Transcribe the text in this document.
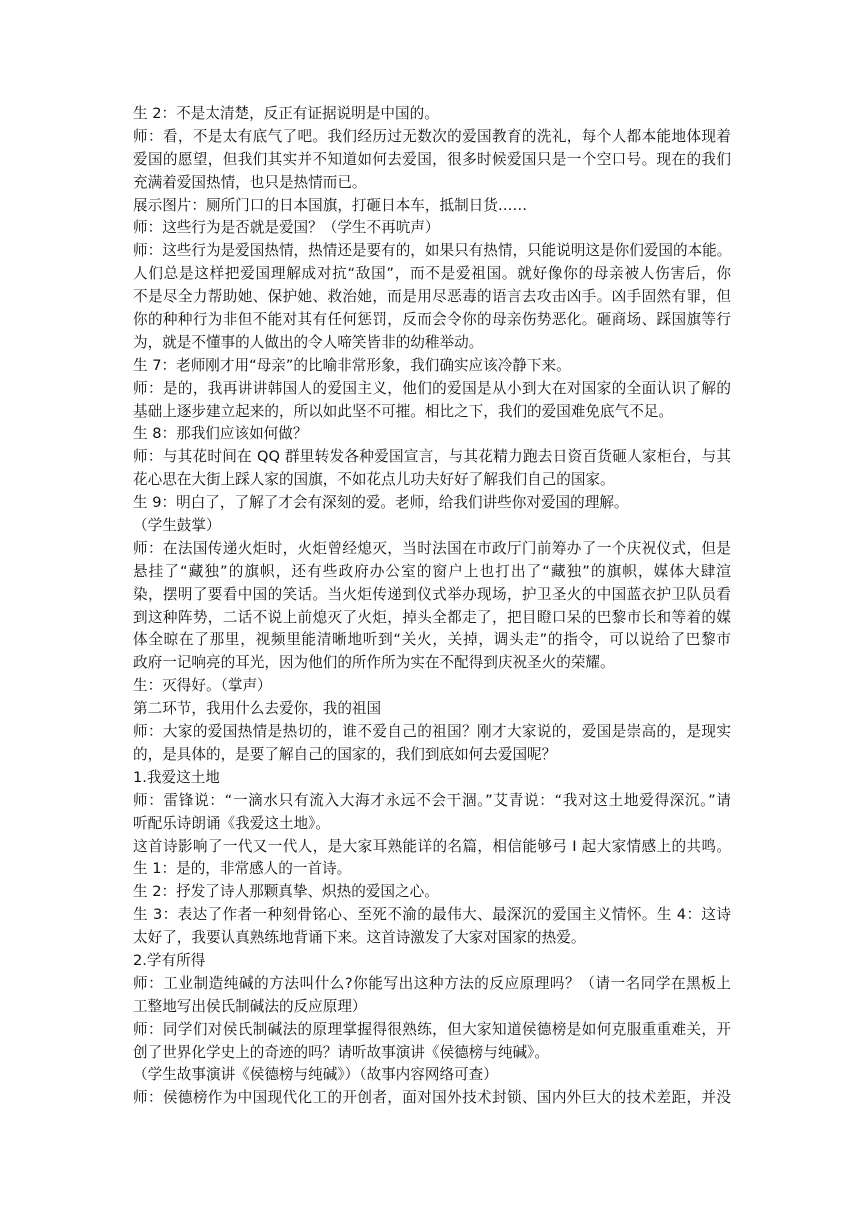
生 2：不是太清楚，反正有证据说明是中国的。
师：看，不是太有底气了吧。我们经历过无数次的爱国教育的洗礼，每个人都本能地体现着
爱国的愿望，但我们其实并不知道如何去爱国，很多时候爱国只是一个空口号。现在的我们
充满着爱国热情，也只是热情而已。
展示图片：厕所门口的日本国旗，打砸日本车，抵制日货……
师：这些行为是否就是爱国？（学生不再吭声）
师：这些行为是爱国热情，热情还是要有的，如果只有热情，只能说明这是你们爱国的本能。
人们总是这样把爱国理解成对抗“敌国”，而不是爱祖国。就好像你的母亲被人伤害后，你
不是尽全力帮助她、保护她、救治她，而是用尽恶毒的语言去攻击凶手。凶手固然有罪，但
你的种种行为非但不能对其有任何惩罚，反而会令你的母亲伤势恶化。砸商场、踩国旗等行
为，就是不懂事的人做出的令人啼笑皆非的幼稚举动。
生 7：老师刚才用“母亲”的比喻非常形象，我们确实应该冷静下来。
师：是的，我再讲讲韩国人的爱国主义，他们的爱国是从小到大在对国家的全面认识了解的
基础上逐步建立起来的，所以如此坚不可摧。相比之下，我们的爱国难免底气不足。
生 8：那我们应该如何做？
师：与其花时间在 QQ 群里转发各种爱国宣言，与其花精力跑去日资百货砸人家柜台，与其
花心思在大街上踩人家的国旗，不如花点儿功夫好好了解我们自己的国家。
生 9：明白了，了解了才会有深刻的爱。老师，给我们讲些你对爱国的理解。
（学生鼓掌）
师：在法国传递火炬时，火炬曾经熄灭，当时法国在市政厅门前筹办了一个庆祝仪式，但是
悬挂了“藏独”的旗帜，还有些政府办公室的窗户上也打出了“藏独”的旗帜，媒体大肆渲
染，摆明了要看中国的笑话。当火炬传递到仪式举办现场，护卫圣火的中国蓝衣护卫队员看
到这种阵势，二话不说上前熄灭了火炬，掉头全都走了，把目瞪口呆的巴黎市长和等着的媒
体全晾在了那里，视频里能清晰地听到“关火，关掉，调头走”的指令，可以说给了巴黎市
政府一记响亮的耳光，因为他们的所作所为实在不配得到庆祝圣火的荣耀。
生：灭得好。（掌声）
第二环节，我用什么去爱你，我的祖国
师：大家的爱国热情是热切的，谁不爱自己的祖国？刚才大家说的，爱国是崇高的，是现实
的，是具体的，是要了解自己的国家的，我们到底如何去爱国呢？
1.我爱这土地
师：雷锋说：“一滴水只有流入大海才永远不会干涸。”艾青说：“我对这土地爱得深沉。”请
听配乐诗朗诵《我爱这土地》。
这首诗影响了一代又一代人，是大家耳熟能详的名篇，相信能够弓 I 起大家情感上的共鸣。
生 1：是的，非常感人的一首诗。
生 2：抒发了诗人那颗真挚、炽热的爱国之心。
生 3：表达了作者一种刻骨铭心、至死不渝的最伟大、最深沉的爱国主义情怀。生 4：这诗
太好了，我要认真熟练地背诵下来。这首诗激发了大家对国家的热爱。
2.学有所得
师：工业制造纯碱的方法叫什么?你能写出这种方法的反应原理吗？（请一名同学在黑板上
工整地写出侯氏制碱法的反应原理）
师：同学们对侯氏制碱法的原理掌握得很熟练，但大家知道侯德榜是如何克服重重难关，开
创了世界化学史上的奇迹的吗？请听故事演讲《侯德榜与纯碱》。
（学生故事演讲《侯德榜与纯碱》）（故事内容网络可查）
师：侯德榜作为中国现代化工的开创者，面对国外技术封锁、国内外巨大的技术差距，并没
